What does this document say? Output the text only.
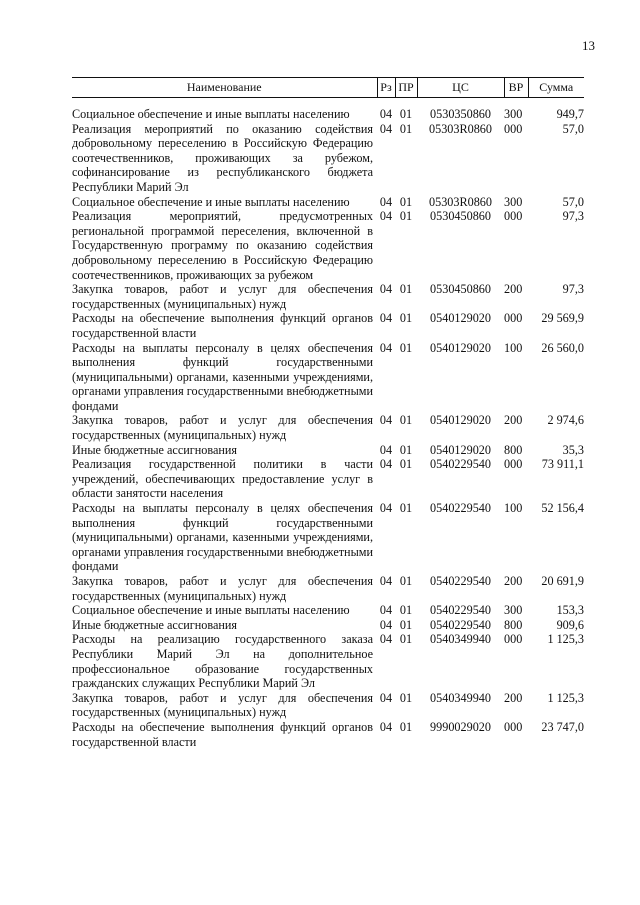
13
Наименование	Рз	ПР	ЦС	ВР	Сумма

Социальное обеспечение и иные выплаты населению	04	01	0530350860	300	949,7
Реализация мероприятий по оказанию содействия добровольному переселению в Российскую Федерацию соотечественников, проживающих за рубежом, софинансирование из республиканского бюджета Республики Марий Эл	04	01	05303R0860	000	57,0
Социальное обеспечение и иные выплаты населению	04	01	05303R0860	300	57,0
Реализация мероприятий, предусмотренных региональной программой переселения, включенной в Государственную программу по оказанию содействия добровольному переселению в Российскую Федерацию соотечественников, проживающих за рубежом	04	01	0530450860	000	97,3
Закупка товаров, работ и услуг для обеспечения государственных (муниципальных) нужд	04	01	0530450860	200	97,3
Расходы на обеспечение выполнения функций органов государственной власти	04	01	0540129020	000	29 569,9
Расходы на выплаты персоналу в целях обеспечения выполнения функций государственными (муниципальными) органами, казенными учреждениями, органами управления государственными внебюджетными фондами	04	01	0540129020	100	26 560,0
Закупка товаров, работ и услуг для обеспечения государственных (муниципальных) нужд	04	01	0540129020	200	2 974,6
Иные бюджетные ассигнования	04	01	0540129020	800	35,3
Реализация государственной политики в части учреждений, обеспечивающих предоставление услуг в области занятости населения	04	01	0540229540	000	73 911,1
Расходы на выплаты персоналу в целях обеспечения выполнения функций государственными (муниципальными) органами, казенными учреждениями, органами управления государственными внебюджетными фондами	04	01	0540229540	100	52 156,4
Закупка товаров, работ и услуг для обеспечения государственных (муниципальных) нужд	04	01	0540229540	200	20 691,9
Социальное обеспечение и иные выплаты населению	04	01	0540229540	300	153,3
Иные бюджетные ассигнования	04	01	0540229540	800	909,6
Расходы на реализацию государственного заказа Республики Марий Эл на дополнительное профессиональное образование государственных гражданских служащих Республики Марий Эл	04	01	0540349940	000	1 125,3
Закупка товаров, работ и услуг для обеспечения государственных (муниципальных) нужд	04	01	0540349940	200	1 125,3
Расходы на обеспечение выполнения функций органов государственной власти	04	01	9990029020	000	23 747,0
